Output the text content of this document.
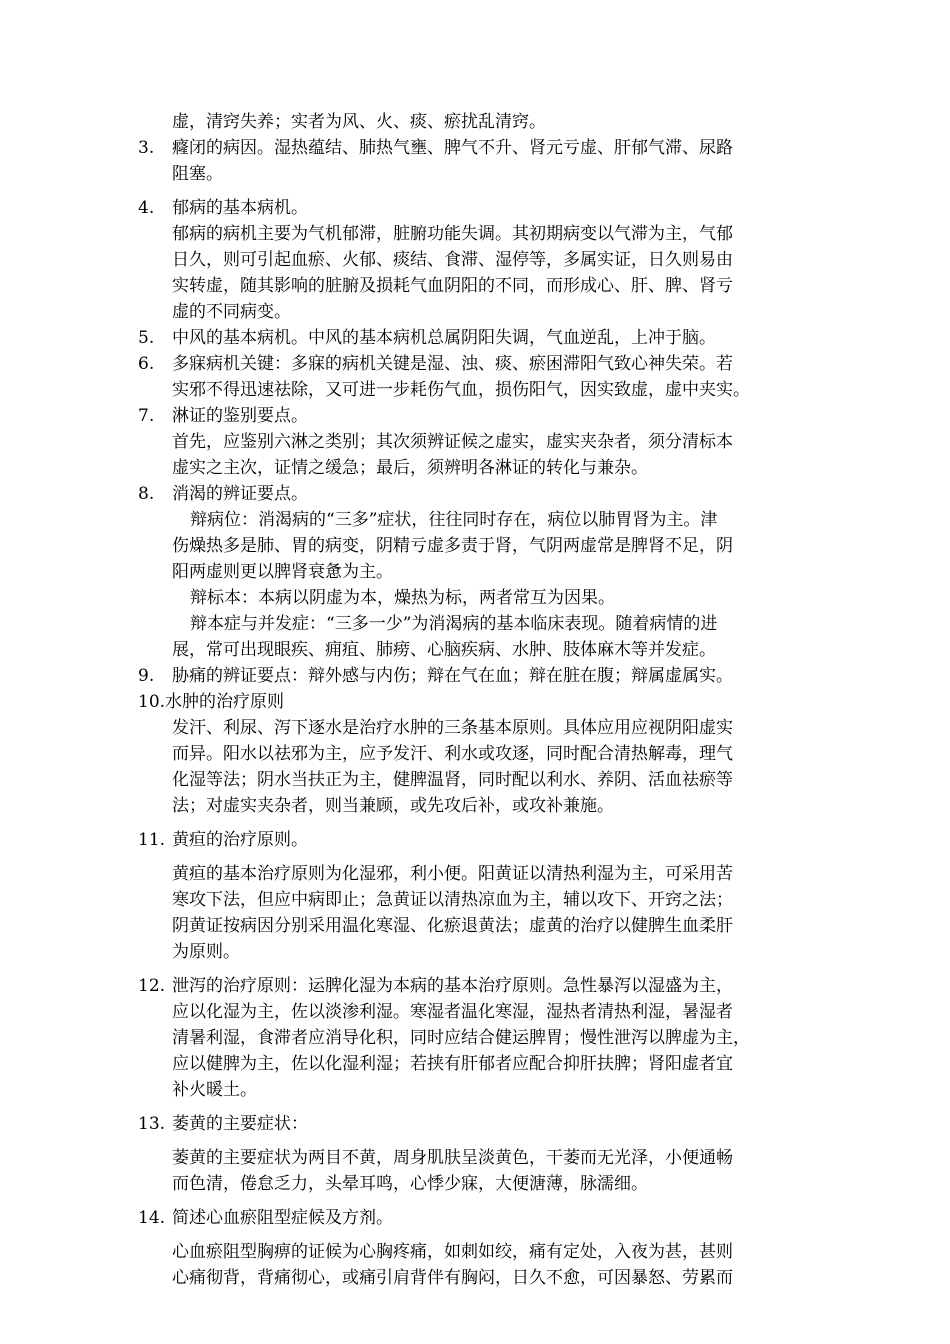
虚，清窍失养；实者为风、火、痰、瘀扰乱清窍。
3.	癃闭的病因。湿热蕴结、肺热气壅、脾气不升、肾元亏虚、肝郁气滞、尿路
阻塞。
4.	郁病的基本病机。
郁病的病机主要为气机郁滞，脏腑功能失调。其初期病变以气滞为主，气郁
日久，则可引起血瘀、火郁、痰结、食滞、湿停等，多属实证，日久则易由
实转虚，随其影响的脏腑及损耗气血阴阳的不同，而形成心、肝、脾、肾亏
虚的不同病变。
5.	中风的基本病机。中风的基本病机总属阴阳失调，气血逆乱，上冲于脑。
6.	多寐病机关键：多寐的病机关键是湿、浊、痰、瘀困滞阳气致心神失荣。若
实邪不得迅速祛除，又可进一步耗伤气血，损伤阳气，因实致虚，虚中夹实。
7.	淋证的鉴别要点。
首先，应鉴别六淋之类别；其次须辨证候之虚实，虚实夹杂者，须分清标本
虚实之主次，证情之缓急；最后，须辨明各淋证的转化与兼杂。
8.	消渴的辨证要点。
辩病位：消渴病的“三多”症状，往往同时存在，病位以肺胃肾为主。津
伤燥热多是肺、胃的病变，阴精亏虚多责于肾，气阴两虚常是脾肾不足，阴
阳两虚则更以脾肾衰惫为主。
辩标本：本病以阴虚为本，燥热为标，两者常互为因果。
辩本症与并发症：“三多一少”为消渴病的基本临床表现。随着病情的进
展，常可出现眼疾、痈疽、肺痨、心脑疾病、水肿、肢体麻木等并发症。
9.	胁痛的辨证要点：辩外感与内伤；辩在气在血；辩在脏在腹；辩属虚属实。
10.水肿的治疗原则
发汗、利尿、泻下逐水是治疗水肿的三条基本原则。具体应用应视阴阳虚实
而异。阳水以祛邪为主，应予发汗、利水或攻逐，同时配合清热解毒，理气
化湿等法；阴水当扶正为主，健脾温肾，同时配以利水、养阴、活血祛瘀等
法；对虚实夹杂者，则当兼顾，或先攻后补，或攻补兼施。
11. 黄疸的治疗原则。
黄疸的基本治疗原则为化湿邪，利小便。阳黄证以清热利湿为主，可采用苦
寒攻下法，但应中病即止；急黄证以清热凉血为主，辅以攻下、开窍之法；
阴黄证按病因分别采用温化寒湿、化瘀退黄法；虚黄的治疗以健脾生血柔肝
为原则。
12. 泄泻的治疗原则：运脾化湿为本病的基本治疗原则。急性暴泻以湿盛为主，
应以化湿为主，佐以淡渗利湿。寒湿者温化寒湿，湿热者清热利湿，暑湿者
清暑利湿，食滞者应消导化积，同时应结合健运脾胃；慢性泄泻以脾虚为主，
应以健脾为主，佐以化湿利湿；若挟有肝郁者应配合抑肝扶脾；肾阳虚者宜
补火暖土。
13. 萎黄的主要症状：
萎黄的主要症状为两目不黄，周身肌肤呈淡黄色，干萎而无光泽，小便通畅
而色清，倦怠乏力，头晕耳鸣，心悸少寐，大便溏薄，脉濡细。
14. 简述心血瘀阻型症候及方剂。
心血瘀阻型胸痹的证候为心胸疼痛，如刺如绞，痛有定处，入夜为甚，甚则
心痛彻背，背痛彻心，或痛引肩背伴有胸闷，日久不愈，可因暴怒、劳累而
